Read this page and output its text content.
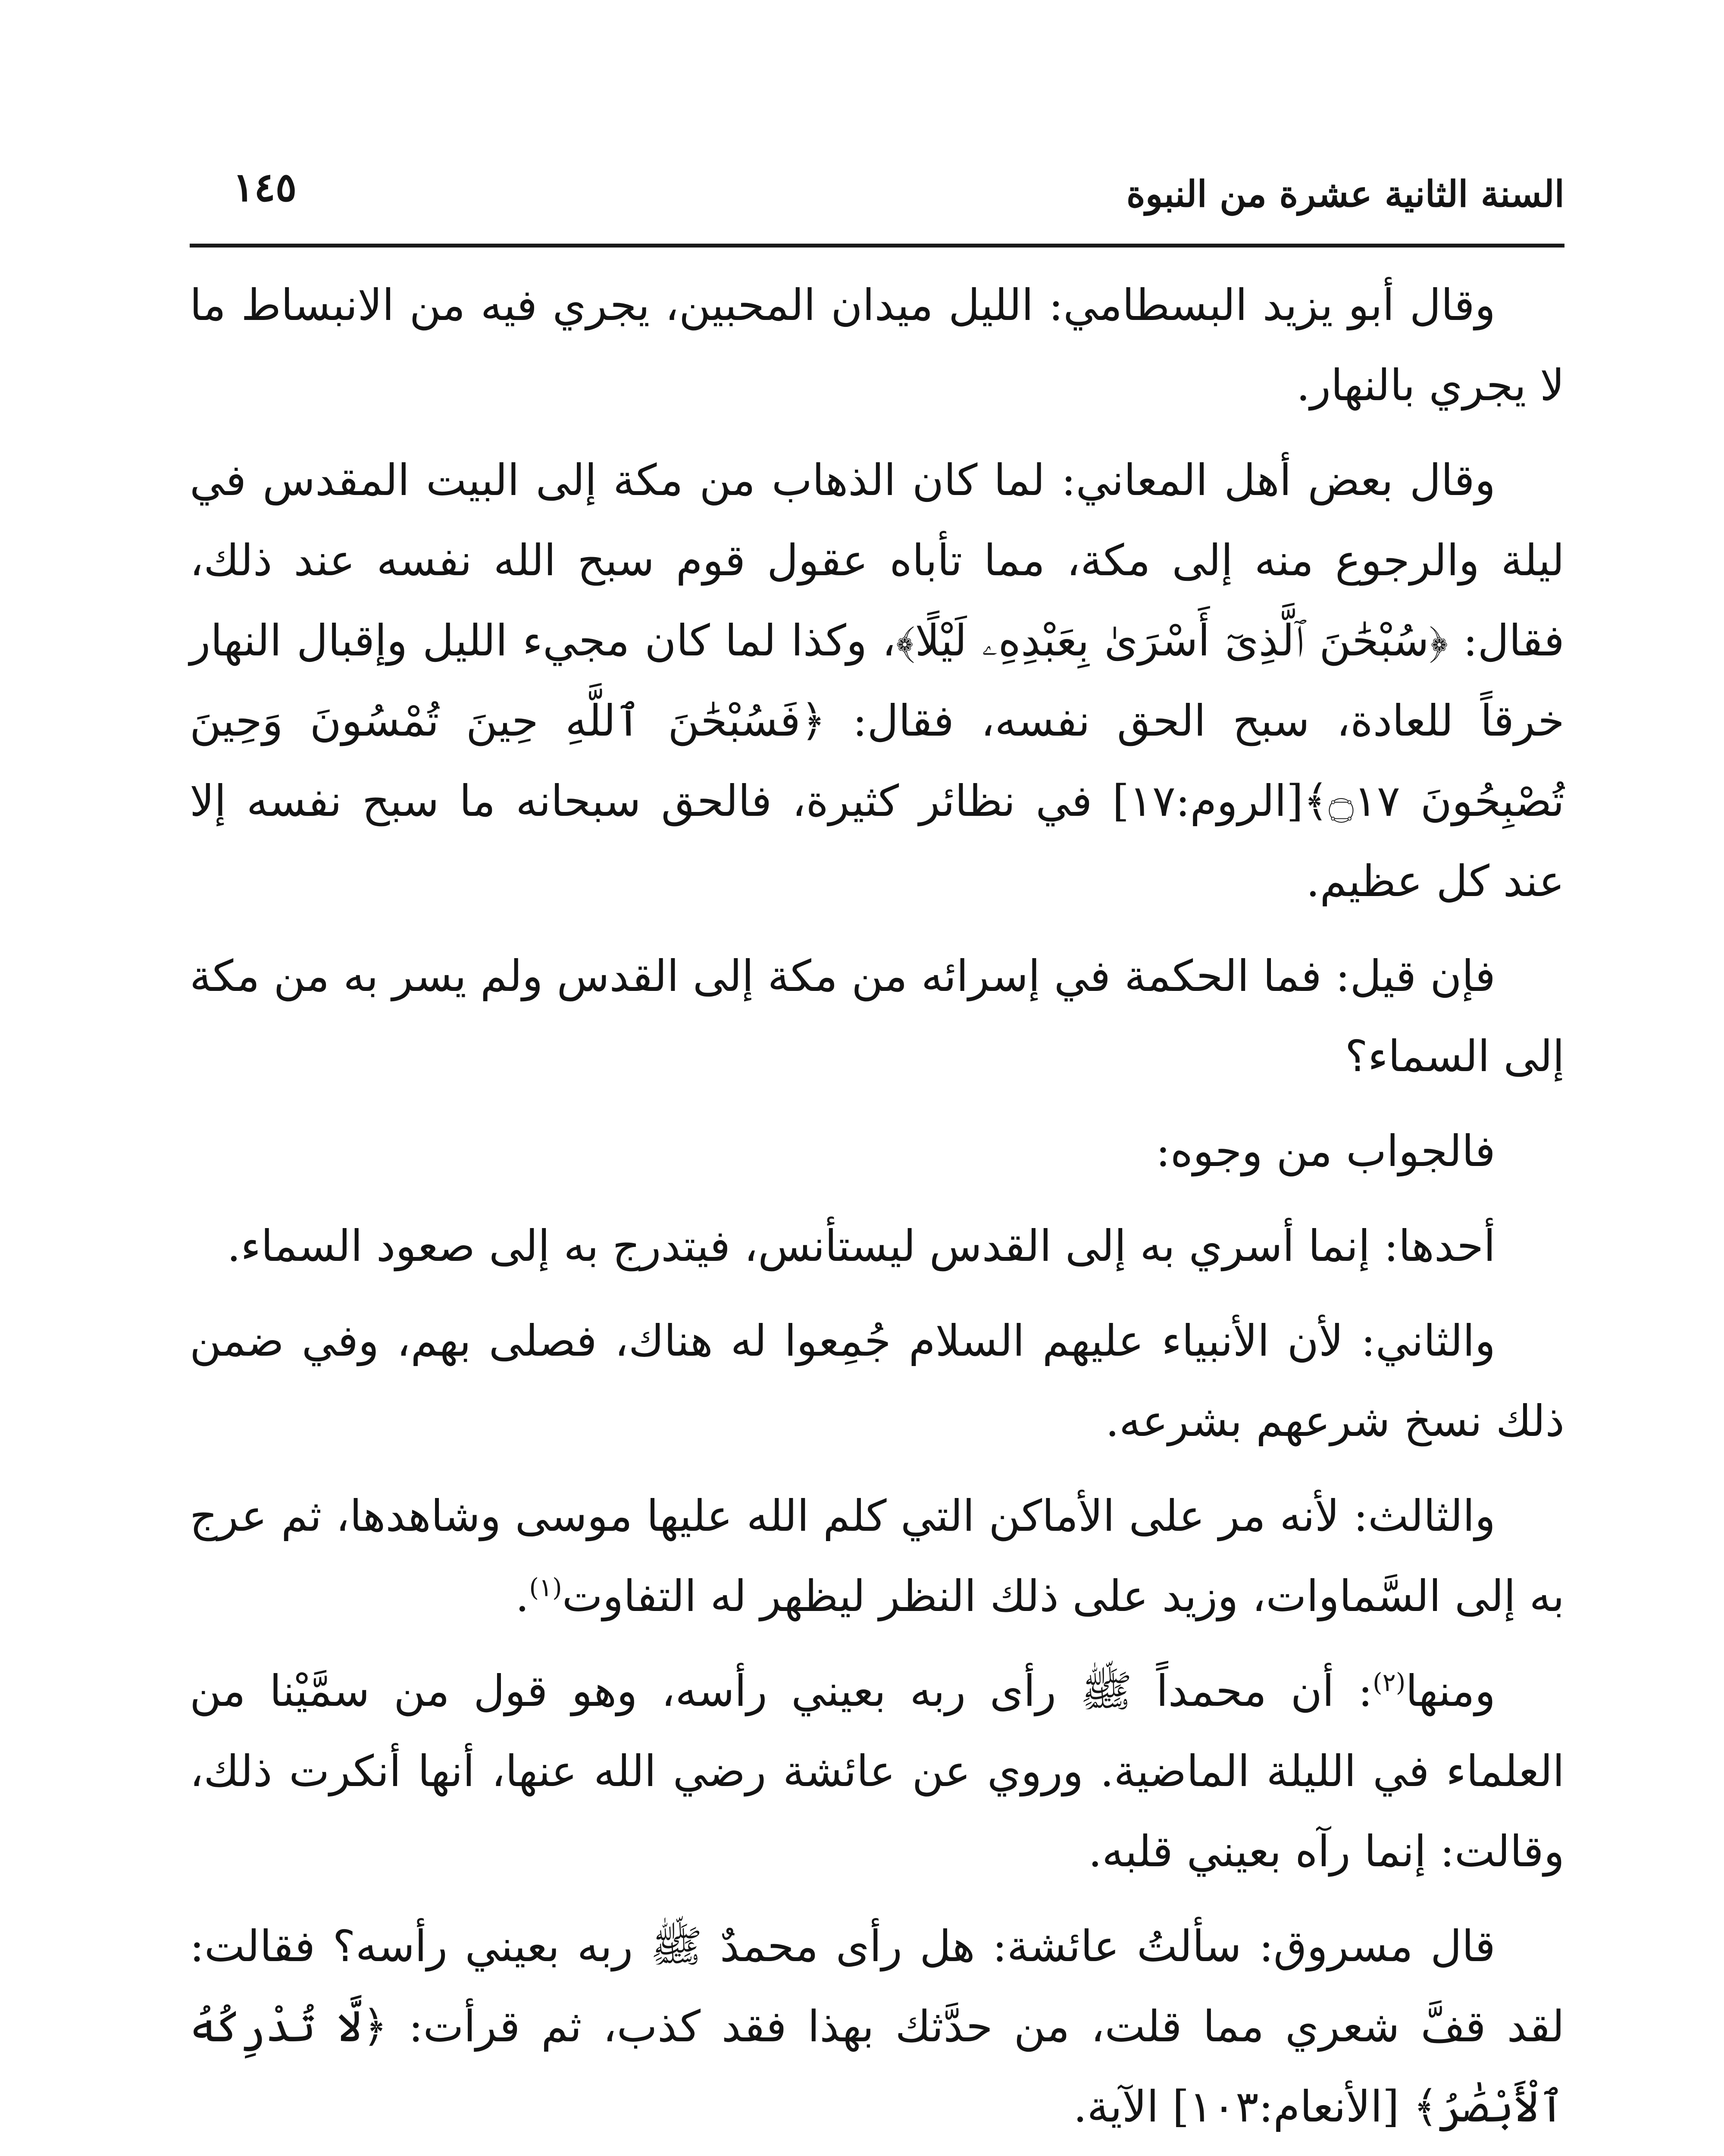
السنة الثانية عشرة من النبوة
١٤٥

وقال أبو يزيد البسطامي: الليل ميدان المحبين، يجري فيه من الانبساط ما لا يجري بالنهار.

وقال بعض أهل المعاني: لما كان الذهاب من مكة إلى البيت المقدس في ليلة والرجوع منه إلى مكة، مما تأباه عقول قوم سبح الله نفسه عند ذلك، فقال: ﴿سُبْحَٰنَ ٱلَّذِىٓ أَسْرَىٰ بِعَبْدِهِۦ لَيْلًا﴾، وكذا لما كان مجيء الليل وإقبال النهار خرقاً للعادة، سبح الحق نفسه، فقال: ﴿فَسُبْحَٰنَ ٱللَّهِ حِينَ تُمْسُونَ وَحِينَ تُصْبِحُونَ ۝١٧﴾[الروم:١٧] في نظائر كثيرة، فالحق سبحانه ما سبح نفسه إلا عند كل عظيم.

فإن قيل: فما الحكمة في إسرائه من مكة إلى القدس ولم يسر به من مكة إلى السماء؟

فالجواب من وجوه:

أحدها: إنما أسري به إلى القدس ليستأنس، فيتدرج به إلى صعود السماء.

والثاني: لأن الأنبياء عليهم السلام جُمِعوا له هناك، فصلى بهم، وفي ضمن ذلك نسخ شرعهم بشرعه.

والثالث: لأنه مر على الأماكن التي كلم الله عليها موسى وشاهدها، ثم عرج به إلى السَّماوات، وزيد على ذلك النظر ليظهر له التفاوت$^{(١)}$.

ومنها$^{(٢)}$: أن محمداً ﷺ رأى ربه بعيني رأسه، وهو قول من سمَّيْنا من العلماء في الليلة الماضية. وروي عن عائشة رضي الله عنها، أنها أنكرت ذلك، وقالت: إنما رآه بعيني قلبه.

قال مسروق: سألتُ عائشة: هل رأى محمدٌ ﷺ ربه بعيني رأسه؟ فقالت: لقد قفَّ شعري مما قلت، من حدَّثك بهذا فقد كذب، ثم قرأت: ﴿لَّا تُدْرِكُهُ ٱلْأَبْصَٰرُ﴾ [الأنعام:١٠٣] الآية.
